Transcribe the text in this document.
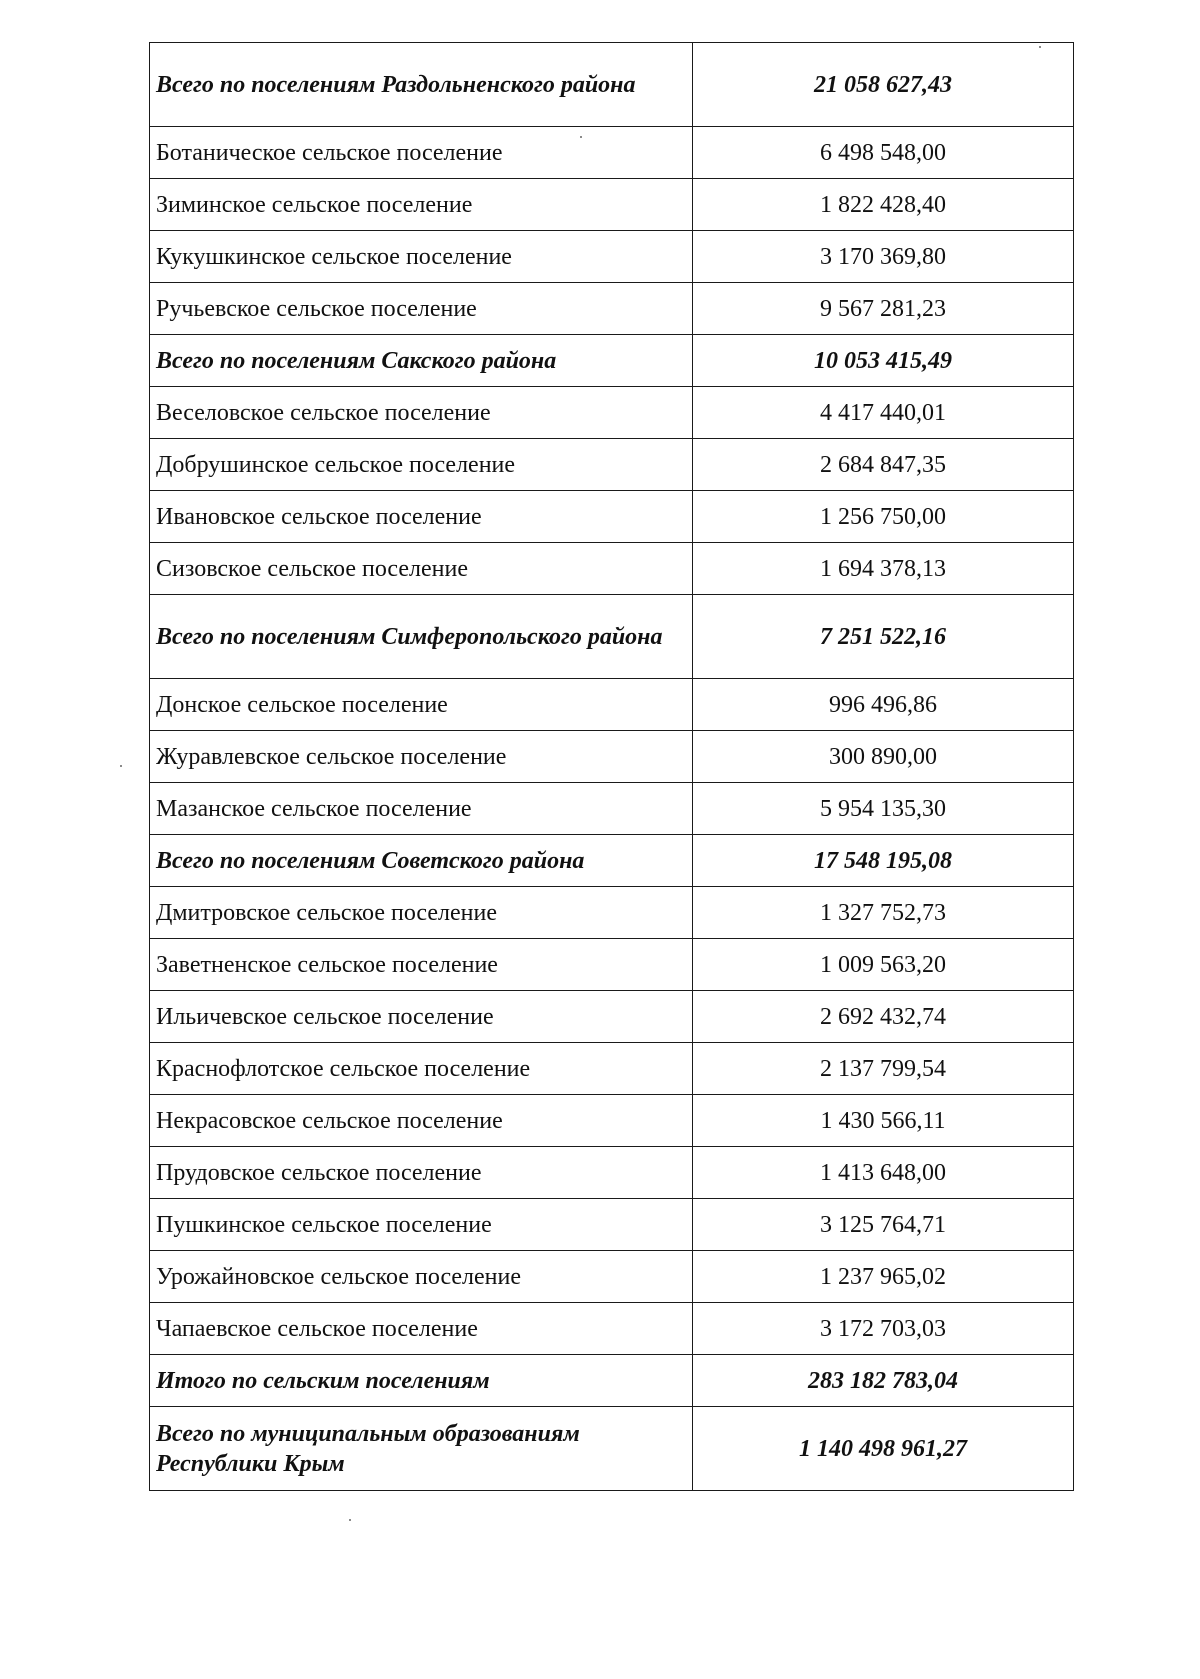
Всего по поселениям Раздольненского района	21 058 627,43
Ботаническое сельское поселение	6 498 548,00
Зиминское сельское поселение	1 822 428,40
Кукушкинское сельское поселение	3 170 369,80
Ручьевское сельское поселение	9 567 281,23
Всего по поселениям Сакского района	10 053 415,49
Веселовское сельское поселение	4 417 440,01
Добрушинское сельское поселение	2 684 847,35
Ивановское сельское поселение	1 256 750,00
Сизовское сельское поселение	1 694 378,13
Всего по поселениям Симферопольского района	7 251 522,16
Донское сельское поселение	996 496,86
Журавлевское сельское поселение	300 890,00
Мазанское сельское поселение	5 954 135,30
Всего по поселениям Советского района	17 548 195,08
Дмитровское сельское поселение	1 327 752,73
Заветненское сельское поселение	1 009 563,20
Ильичевское сельское поселение	2 692 432,74
Краснофлотское сельское поселение	2 137 799,54
Некрасовское сельское поселение	1 430 566,11
Прудовское сельское поселение	1 413 648,00
Пушкинское сельское поселение	3 125 764,71
Урожайновское сельское поселение	1 237 965,02
Чапаевское сельское поселение	3 172 703,03
Итого по сельским поселениям	283 182 783,04
Всего по муниципальным образованиям Республики Крым	1 140 498 961,27
